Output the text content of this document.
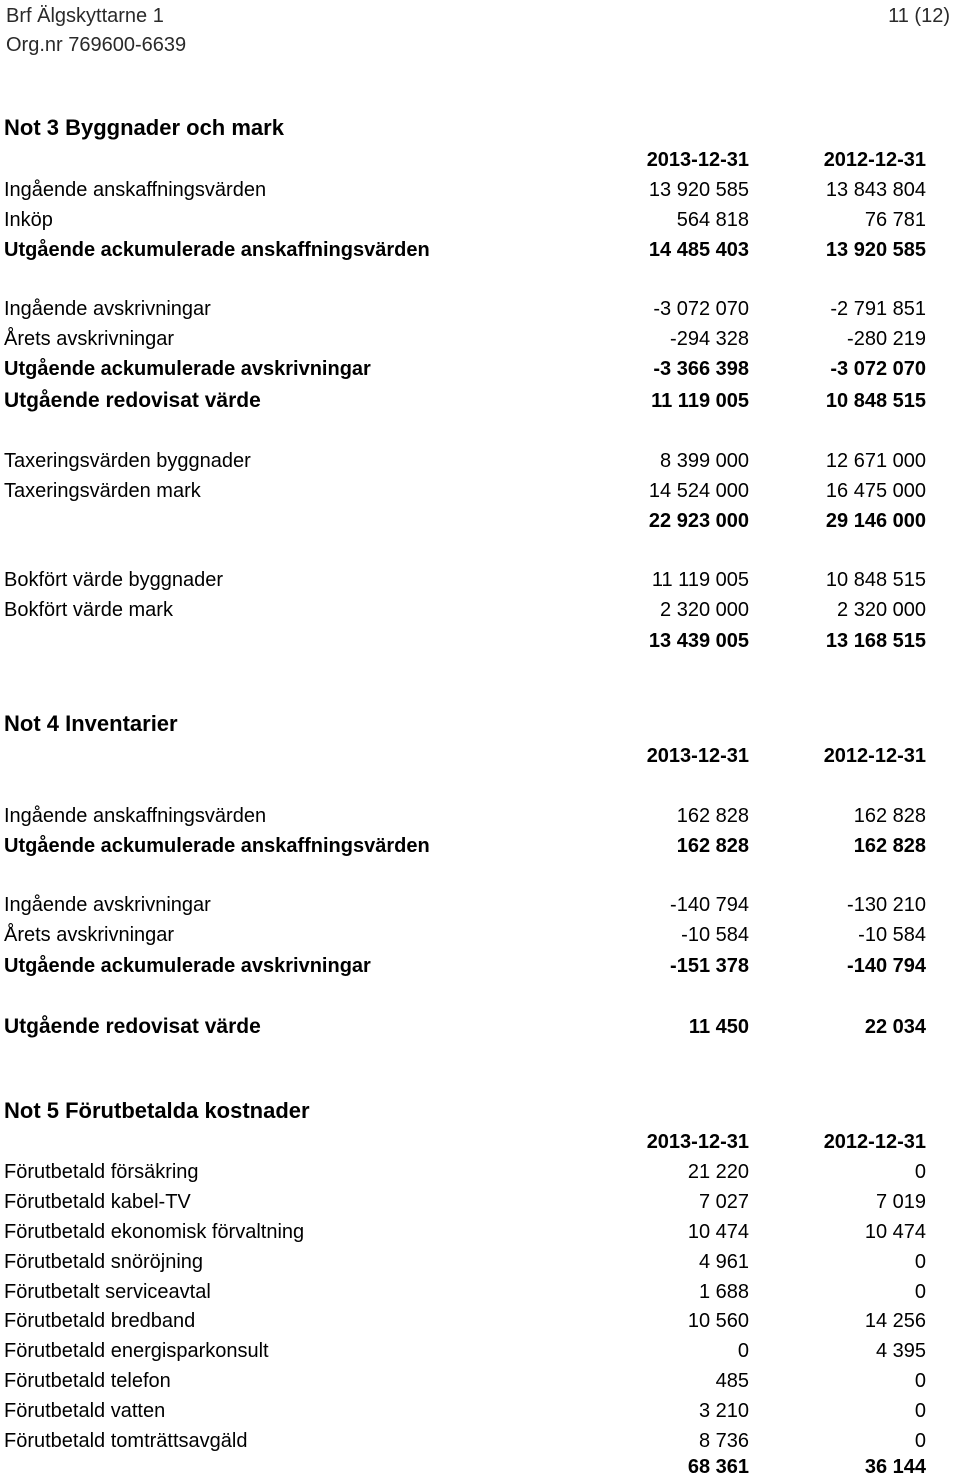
Brf Älgskyttarne 1
Org.nr 769600-6639
11 (12)
Not 3 Byggnader och mark
2013-12-31	2012-12-31
Ingående anskaffningsvärden	13 920 585	13 843 804
Inköp	564 818	76 781
Utgående ackumulerade anskaffningsvärden	14 485 403	13 920 585
Ingående avskrivningar	-3 072 070	-2 791 851
Årets avskrivningar	-294 328	-280 219
Utgående ackumulerade avskrivningar	-3 366 398	-3 072 070
Utgående redovisat värde	11 119 005	10 848 515
Taxeringsvärden byggnader	8 399 000	12 671 000
Taxeringsvärden mark	14 524 000	16 475 000
22 923 000	29 146 000
Bokfört värde byggnader	11 119 005	10 848 515
Bokfört värde mark	2 320 000	2 320 000
13 439 005	13 168 515
Not 4 Inventarier
2013-12-31	2012-12-31
Ingående anskaffningsvärden	162 828	162 828
Utgående ackumulerade anskaffningsvärden	162 828	162 828
Ingående avskrivningar	-140 794	-130 210
Årets avskrivningar	-10 584	-10 584
Utgående ackumulerade avskrivningar	-151 378	-140 794
Utgående redovisat värde	11 450	22 034
Not 5 Förutbetalda kostnader
2013-12-31	2012-12-31
Förutbetald försäkring	21 220	0
Förutbetald kabel-TV	7 027	7 019
Förutbetald ekonomisk förvaltning	10 474	10 474
Förutbetald snöröjning	4 961	0
Förutbetalt serviceavtal	1 688	0
Förutbetald bredband	10 560	14 256
Förutbetald energisparkonsult	0	4 395
Förutbetald telefon	485	0
Förutbetald vatten	3 210	0
Förutbetald tomträttsavgäld	8 736	0
68 361	36 144
